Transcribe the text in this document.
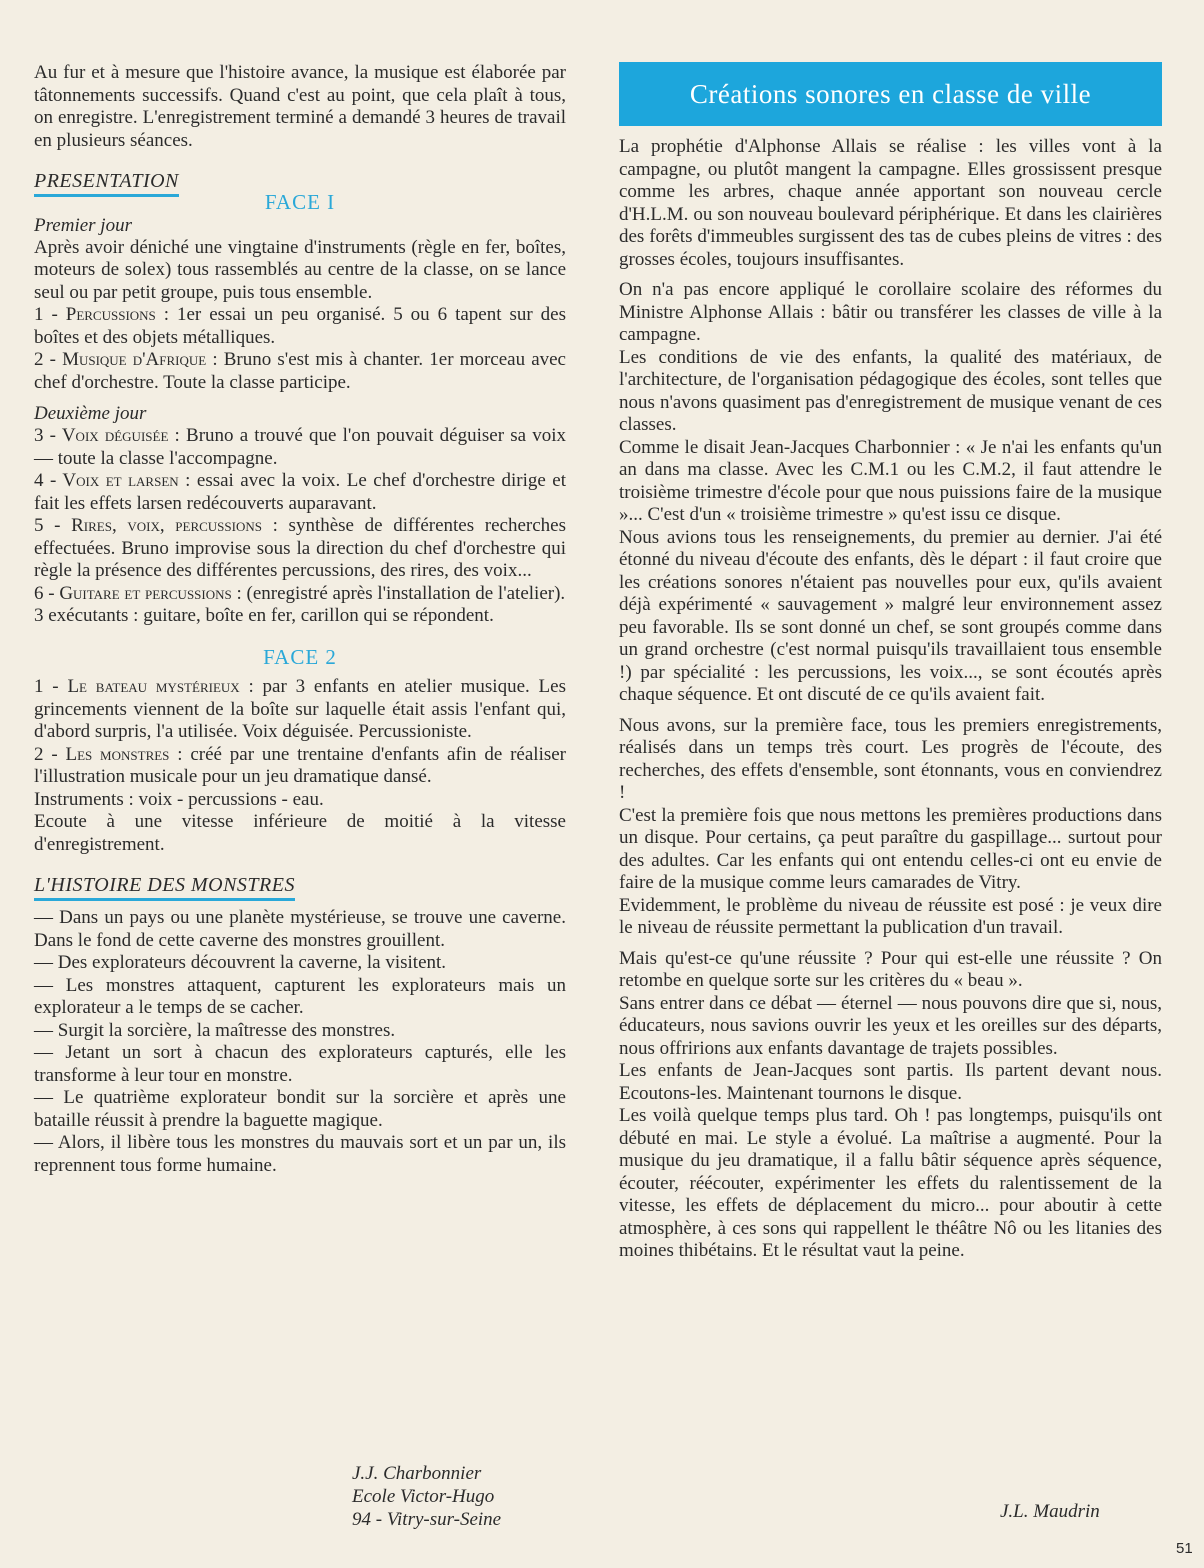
Au fur et à mesure que l'histoire avance, la musique est élaborée par tâtonnements successifs. Quand c'est au point, que cela plaît à tous, on enregistre. L'enregistrement terminé a demandé 3 heures de travail en plusieurs séances.

PRESENTATION

FACE I

Premier jour

Après avoir déniché une vingtaine d'instruments (règle en fer, boîtes, moteurs de solex) tous rassemblés au centre de la classe, on se lance seul ou par petit groupe, puis tous ensemble.

1 - Percussions : 1er essai un peu organisé. 5 ou 6 tapent sur des boîtes et des objets métalliques.

2 - Musique d'Afrique : Bruno s'est mis à chanter. 1er morceau avec chef d'orchestre. Toute la classe participe.

Deuxième jour

3 - Voix déguisée : Bruno a trouvé que l'on pouvait déguiser sa voix — toute la classe l'accompagne.

4 - Voix et larsen : essai avec la voix. Le chef d'orchestre dirige et fait les effets larsen redécouverts auparavant.

5 - Rires, voix, percussions : synthèse de différentes recherches effectuées. Bruno improvise sous la direction du chef d'orchestre qui règle la présence des différentes percussions, des rires, des voix...

6 - Guitare et percussions : (enregistré après l'installation de l'atelier).

3 exécutants : guitare, boîte en fer, carillon qui se répondent.

FACE 2

1 - Le bateau mystérieux : par 3 enfants en atelier musique. Les grincements viennent de la boîte sur laquelle était assis l'enfant qui, d'abord surpris, l'a utilisée. Voix déguisée. Percussioniste.

2 - Les monstres : créé par une trentaine d'enfants afin de réaliser l'illustration musicale pour un jeu dramatique dansé.

Instruments : voix - percussions - eau.

Ecoute à une vitesse inférieure de moitié à la vitesse d'enregistrement.

L'HISTOIRE DES MONSTRES

— Dans un pays ou une planète mystérieuse, se trouve une caverne. Dans le fond de cette caverne des monstres grouillent.

— Des explorateurs découvrent la caverne, la visitent.

— Les monstres attaquent, capturent les explorateurs mais un explorateur a le temps de se cacher.

— Surgit la sorcière, la maîtresse des monstres.

— Jetant un sort à chacun des explorateurs capturés, elle les transforme à leur tour en monstre.

— Le quatrième explorateur bondit sur la sorcière et après une bataille réussit à prendre la baguette magique.

— Alors, il libère tous les monstres du mauvais sort et un par un, ils reprennent tous forme humaine.

J.J. Charbonnier
Ecole Victor-Hugo
94 - Vitry-sur-Seine
Créations sonores en classe de ville

La prophétie d'Alphonse Allais se réalise : les villes vont à la campagne, ou plutôt mangent la campagne. Elles grossissent presque comme les arbres, chaque année apportant son nouveau cercle d'H.L.M. ou son nouveau boulevard périphérique. Et dans les clairières des forêts d'immeubles surgissent des tas de cubes pleins de vitres : des grosses écoles, toujours insuffisantes.

On n'a pas encore appliqué le corollaire scolaire des réformes du Ministre Alphonse Allais : bâtir ou transférer les classes de ville à la campagne.

Les conditions de vie des enfants, la qualité des matériaux, de l'architecture, de l'organisation pédagogique des écoles, sont telles que nous n'avons quasiment pas d'enregistrement de musique venant de ces classes.

Comme le disait Jean-Jacques Charbonnier : « Je n'ai les enfants qu'un an dans ma classe. Avec les C.M.1 ou les C.M.2, il faut attendre le troisième trimestre d'école pour que nous puissions faire de la musique »... C'est d'un « troisième trimestre » qu'est issu ce disque.

Nous avions tous les renseignements, du premier au dernier. J'ai été étonné du niveau d'écoute des enfants, dès le départ : il faut croire que les créations sonores n'étaient pas nouvelles pour eux, qu'ils avaient déjà expérimenté « sauvagement » malgré leur environnement assez peu favorable. Ils se sont donné un chef, se sont groupés comme dans un grand orchestre (c'est normal puisqu'ils travaillaient tous ensemble !) par spécialité : les percussions, les voix..., se sont écoutés après chaque séquence. Et ont discuté de ce qu'ils avaient fait.

Nous avons, sur la première face, tous les premiers enregistrements, réalisés dans un temps très court. Les progrès de l'écoute, des recherches, des effets d'ensemble, sont étonnants, vous en conviendrez !

C'est la première fois que nous mettons les premières productions dans un disque. Pour certains, ça peut paraître du gaspillage... surtout pour des adultes. Car les enfants qui ont entendu celles-ci ont eu envie de faire de la musique comme leurs camarades de Vitry.

Evidemment, le problème du niveau de réussite est posé : je veux dire le niveau de réussite permettant la publication d'un travail.

Mais qu'est-ce qu'une réussite ? Pour qui est-elle une réussite ? On retombe en quelque sorte sur les critères du « beau ».

Sans entrer dans ce débat — éternel — nous pouvons dire que si, nous, éducateurs, nous savions ouvrir les yeux et les oreilles sur des départs, nous offririons aux enfants davantage de trajets possibles.

Les enfants de Jean-Jacques sont partis. Ils partent devant nous. Ecoutons-les. Maintenant tournons le disque.

Les voilà quelque temps plus tard. Oh ! pas longtemps, puisqu'ils ont débuté en mai. Le style a évolué. La maîtrise a augmenté. Pour la musique du jeu dramatique, il a fallu bâtir séquence après séquence, écouter, réécouter, expérimenter les effets du ralentissement de la vitesse, les effets de déplacement du micro... pour aboutir à cette atmosphère, à ces sons qui rappellent le théâtre Nô ou les litanies des moines thibétains. Et le résultat vaut la peine.

J.L. Maudrin
51
